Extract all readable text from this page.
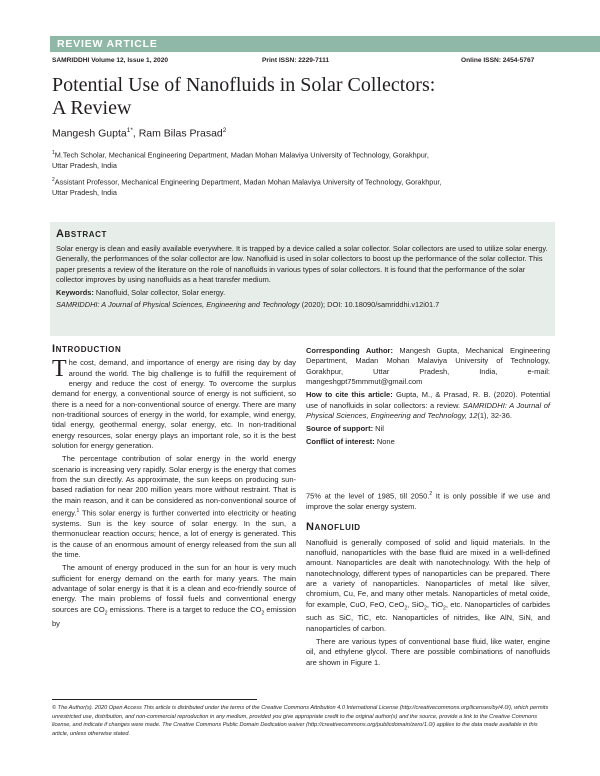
REVIEW ARTICLE
SAMRIDDHI Volume 12, Issue 1, 2020	Print ISSN: 2229-7111	Online ISSN: 2454-5767
Potential Use of Nanofluids in Solar Collectors:
A Review
Mangesh Gupta$^{1*}$, Ram Bilas Prasad$^2$
$^1$M.Tech Scholar, Mechanical Engineering Department, Madan Mohan Malaviya University of Technology, Gorakhpur,
Uttar Pradesh, India
$^2$Assistant Professor, Mechanical Engineering Department, Madan Mohan Malaviya University of Technology, Gorakhpur,
Uttar Pradesh, India
Abstract
Solar energy is clean and easily available everywhere. It is trapped by a device called a solar collector. Solar collectors are used to utilize solar energy. Generally, the performances of the solar collector are low. Nanofluid is used in solar collectors to boost up the performance of the solar collector. This paper presents a review of the literature on the role of nanofluids in various types of solar collectors. It is found that the performance of the solar collector improves by using nanofluids as a heat transfer medium.
Keywords: Nanofluid, Solar collector, Solar energy.
SAMRIDDHI: A Journal of Physical Sciences, Engineering and Technology (2020); DOI: 10.18090/samriddhi.v12i01.7
Introduction

The cost, demand, and importance of energy are rising day by day around the world. The big challenge is to fulfill the requirement of energy and reduce the cost of energy. To overcome the surplus demand for energy, a conventional source of energy is not sufficient, so there is a need for a non-conventional source of energy. There are many non-traditional sources of energy in the world, for example, wind energy, tidal energy, geothermal energy, solar energy, etc. In non-traditional energy resources, solar energy plays an important role, so it is the best solution for energy generation.

The percentage contribution of solar energy in the world energy scenario is increasing very rapidly. Solar energy is the energy that comes from the sun directly. As approximate, the sun keeps on producing sun-based radiation for near 200 million years more without restraint. That is the main reason, and it can be considered as non-conventional source of energy.$^1$ This solar energy is further converted into electricity or heating systems. Sun is the key source of solar energy. In the sun, a thermonuclear reaction occurs; hence, a lot of energy is generated. This is the cause of an enormous amount of energy released from the sun all the time.

The amount of energy produced in the sun for an hour is very much sufficient for energy demand on the earth for many years. The main advantage of solar energy is that it is a clean and eco-friendly source of energy. The main problems of fossil fuels and conventional energy sources are $CO_2$ emissions. There is a target to reduce the $CO_2$ emission by

Corresponding Author: Mangesh Gupta, Mechanical Engineering Department, Madan Mohan Malaviya University of Technology, Gorakhpur, Uttar Pradesh, India, e-mail: mangeshgpt75mmmut@gmail.com

How to cite this article: Gupta, M., & Prasad, R. B. (2020). Potential use of nanofluids in solar collectors: a review. SAMRIDDHI: A Journal of Physical Sciences, Engineering and Technology, 12(1), 32-36.

Source of support: Nil

Conflict of interest: None

75% at the level of 1985, till 2050.$^2$ It is only possible if we use and improve the solar energy system.

Nanofluid

Nanofluid is generally composed of solid and liquid materials. In the nanofluid, nanoparticles with the base fluid are mixed in a well-defined amount. Nanoparticles are dealt with nanotechnology. With the help of nanotechnology, different types of nanoparticles can be prepared. There are a variety of nanoparticles. Nanoparticles of metal like silver, chromium, Cu, Fe, and many other metals. Nanoparticles of metal oxide, for example, CuO, FeO, CeO$_2$, SiO$_2$, TiO$_2$, etc. Nanoparticles of carbides such as SiC, TiC, etc. Nanoparticles of nitrides, like AlN, SiN, and nanoparticles of carbon.

There are various types of conventional base fluid, like water, engine oil, and ethylene glycol. There are possible combinations of nanofluids are shown in Figure 1.

© The Author(s). 2020 Open Access This article is distributed under the terms of the Creative Commons Attribution 4.0 International License (http://creativecommons.org/licenses/by/4.0/), which permits unrestricted use, distribution, and non-commercial reproduction in any medium, provided you give appropriate credit to the original author(s) and the source, provide a link to the Creative Commons license, and indicate if changes were made. The Creative Commons Public Domain Dedication waiver (http://creativecommons.org/publicdomain/zero/1.0/) applies to the data made available in this article, unless otherwise stated.
